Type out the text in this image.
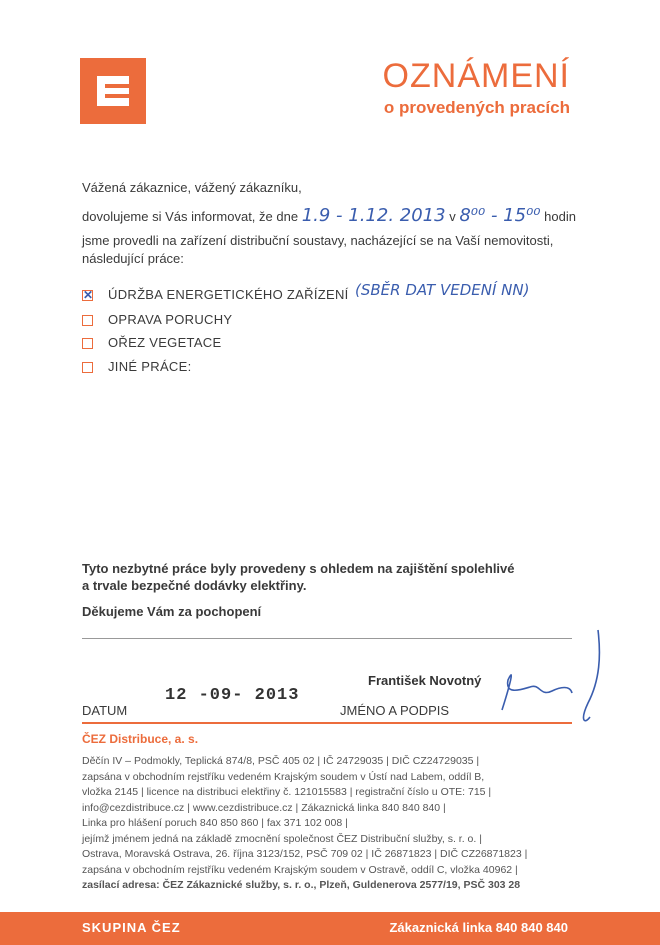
OZNÁMENÍ
o provedených pracích
Vážená zákaznice, vážený zákazníku,
dovolujeme si Vás informovat, že dne 1.9 - 1.12. 2013 v 8⁰⁰ - 15⁰⁰ hodin
jsme provedli na zařízení distribuční soustavy, nacházející se na Vaší nemovitosti,
následující práce:
✕ ÚDRŽBA ENERGETICKÉHO ZAŘÍZENÍ (SBĚR DAT VEDENÍ NN)
OPRAVA PORUCHY
OŘEZ VEGETACE
JINÉ PRÁCE:
Tyto nezbytné práce byly provedeny s ohledem na zajištění spolehlivé
a trvale bezpečné dodávky elektřiny.
Děkujeme Vám za pochopení
12 -09- 2013
František Novotný
DATUM	JMÉNO A PODPIS
ČEZ Distribuce, a. s.
Děčín IV – Podmokly, Teplická 874/8, PSČ 405 02 | IČ 24729035 | DIČ CZ24729035 |
zapsána v obchodním rejstříku vedeném Krajským soudem v Ústí nad Labem, oddíl B,
vložka 2145 | licence na distribuci elektřiny č. 121015583 | registrační číslo u OTE: 715 |
info@cezdistribuce.cz | www.cezdistribuce.cz | Zákaznická linka 840 840 840 |
Linka pro hlášení poruch 840 850 860 | fax 371 102 008 |
jejímž jménem jedná na základě zmocnění společnost ČEZ Distribuční služby, s. r. o. |
Ostrava, Moravská Ostrava, 26. října 3123/152, PSČ 709 02 | IČ 26871823 | DIČ CZ26871823 |
zapsána v obchodním rejstříku vedeném Krajským soudem v Ostravě, oddíl C, vložka 40962 |
zasílací adresa: ČEZ Zákaznické služby, s. r. o., Plzeň, Guldenerova 2577/19, PSČ 303 28
SKUPINA ČEZ	Zákaznická linka 840 840 840
